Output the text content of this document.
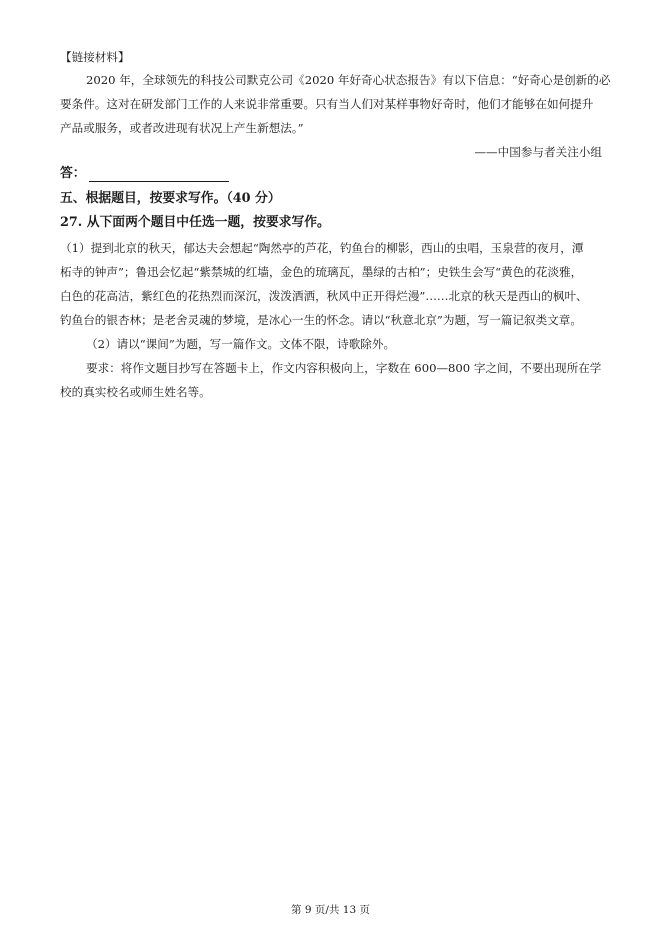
【链接材料】
2020 年，全球领先的科技公司默克公司《2020 年好奇心状态报告》有以下信息：“好奇心是创新的必
要条件。这对在研发部门工作的人来说非常重要。只有当人们对某样事物好奇时，他们才能够在如何提升
产品或服务，或者改进现有状况上产生新想法。”
——中国参与者关注小组
答：
五、根据题目，按要求写作。（40 分）
27. 从下面两个题目中任选一题，按要求写作。
（1）提到北京的秋天，郁达夫会想起“陶然亭的芦花，钓鱼台的柳影，西山的虫唱，玉泉营的夜月，潭
柘寺的钟声”；鲁迅会忆起“紫禁城的红墙，金色的琉璃瓦，墨绿的古柏”；史铁生会写“黄色的花淡雅，
白色的花高洁，紫红色的花热烈而深沉，泼泼洒洒，秋风中正开得烂漫”……北京的秋天是西山的枫叶、
钓鱼台的银杏林；是老舍灵魂的梦境，是冰心一生的怀念。请以“秋意北京”为题，写一篇记叙类文章。
（2）请以“课间”为题，写一篇作文。文体不限，诗歌除外。
要求：将作文题目抄写在答题卡上，作文内容积极向上，字数在 600—800 字之间，不要出现所在学
校的真实校名或师生姓名等。
第 9 页/共 13 页
